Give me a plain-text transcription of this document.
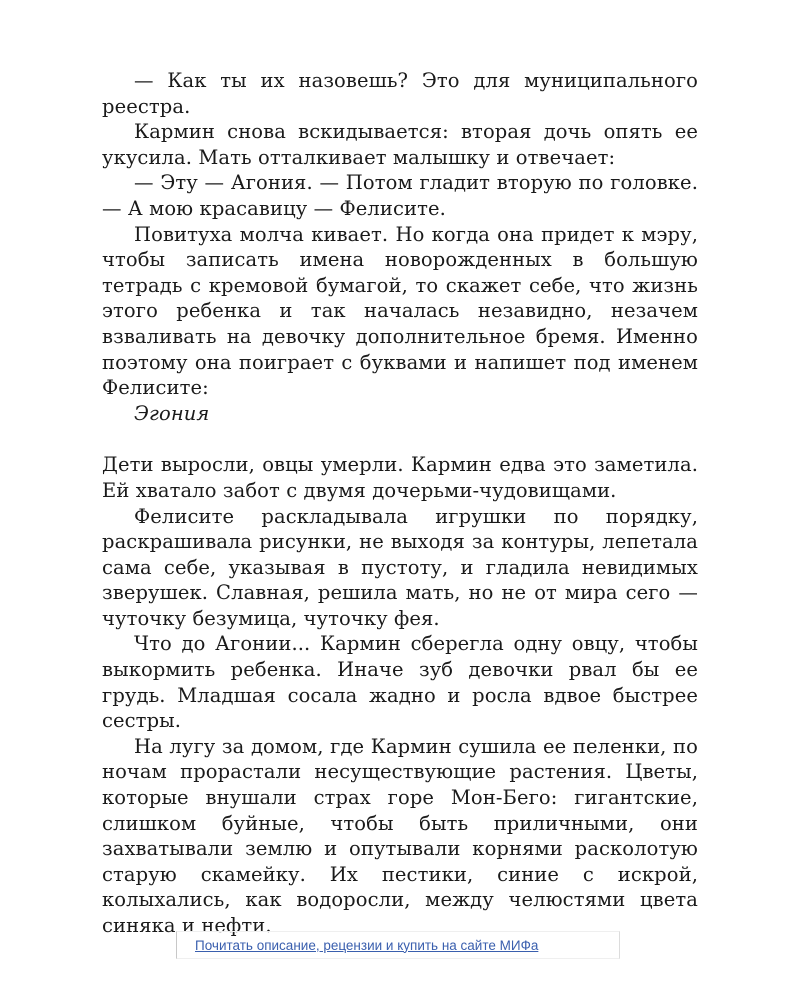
— Как ты их назовешь? Это для муниципального реестра.

Кармин снова вскидывается: вторая дочь опять ее укусила. Мать отталкивает малышку и отвечает:

— Эту — Агония. — Потом гладит вторую по головке. — А мою красавицу — Фелисите.

Повитуха молча кивает. Но когда она придет к мэру, чтобы записать имена новорожденных в большую тетрадь с кремовой бумагой, то скажет себе, что жизнь этого ребенка и так началась незавидно, незачем взваливать на девочку дополнительное бремя. Именно поэтому она поиграет с буквами и напишет под именем Фелисите:

Эгония

Дети выросли, овцы умерли. Кармин едва это заметила. Ей хватало забот с двумя дочерьми-чудовищами.

Фелисите раскладывала игрушки по порядку, раскрашивала рисунки, не выходя за контуры, лепетала сама себе, указывая в пустоту, и гладила невидимых зверушек. Славная, решила мать, но не от мира сего — чуточку безумица, чуточку фея.

Что до Агонии... Кармин сберегла одну овцу, чтобы выкормить ребенка. Иначе зуб девочки рвал бы ее грудь. Младшая сосала жадно и росла вдвое быстрее сестры.

На лугу за домом, где Кармин сушила ее пеленки, по ночам прорастали несуществующие растения. Цветы, которые внушали страх горе Мон-Бего: гигантские, слишком буйные, чтобы быть приличными, они захватывали землю и опутывали корнями расколотую старую скамейку. Их пестики, синие с искрой, колыхались, как водоросли, между челюстями цвета синяка и нефти.

Почитать описание, рецензии и купить на сайте МИФа
